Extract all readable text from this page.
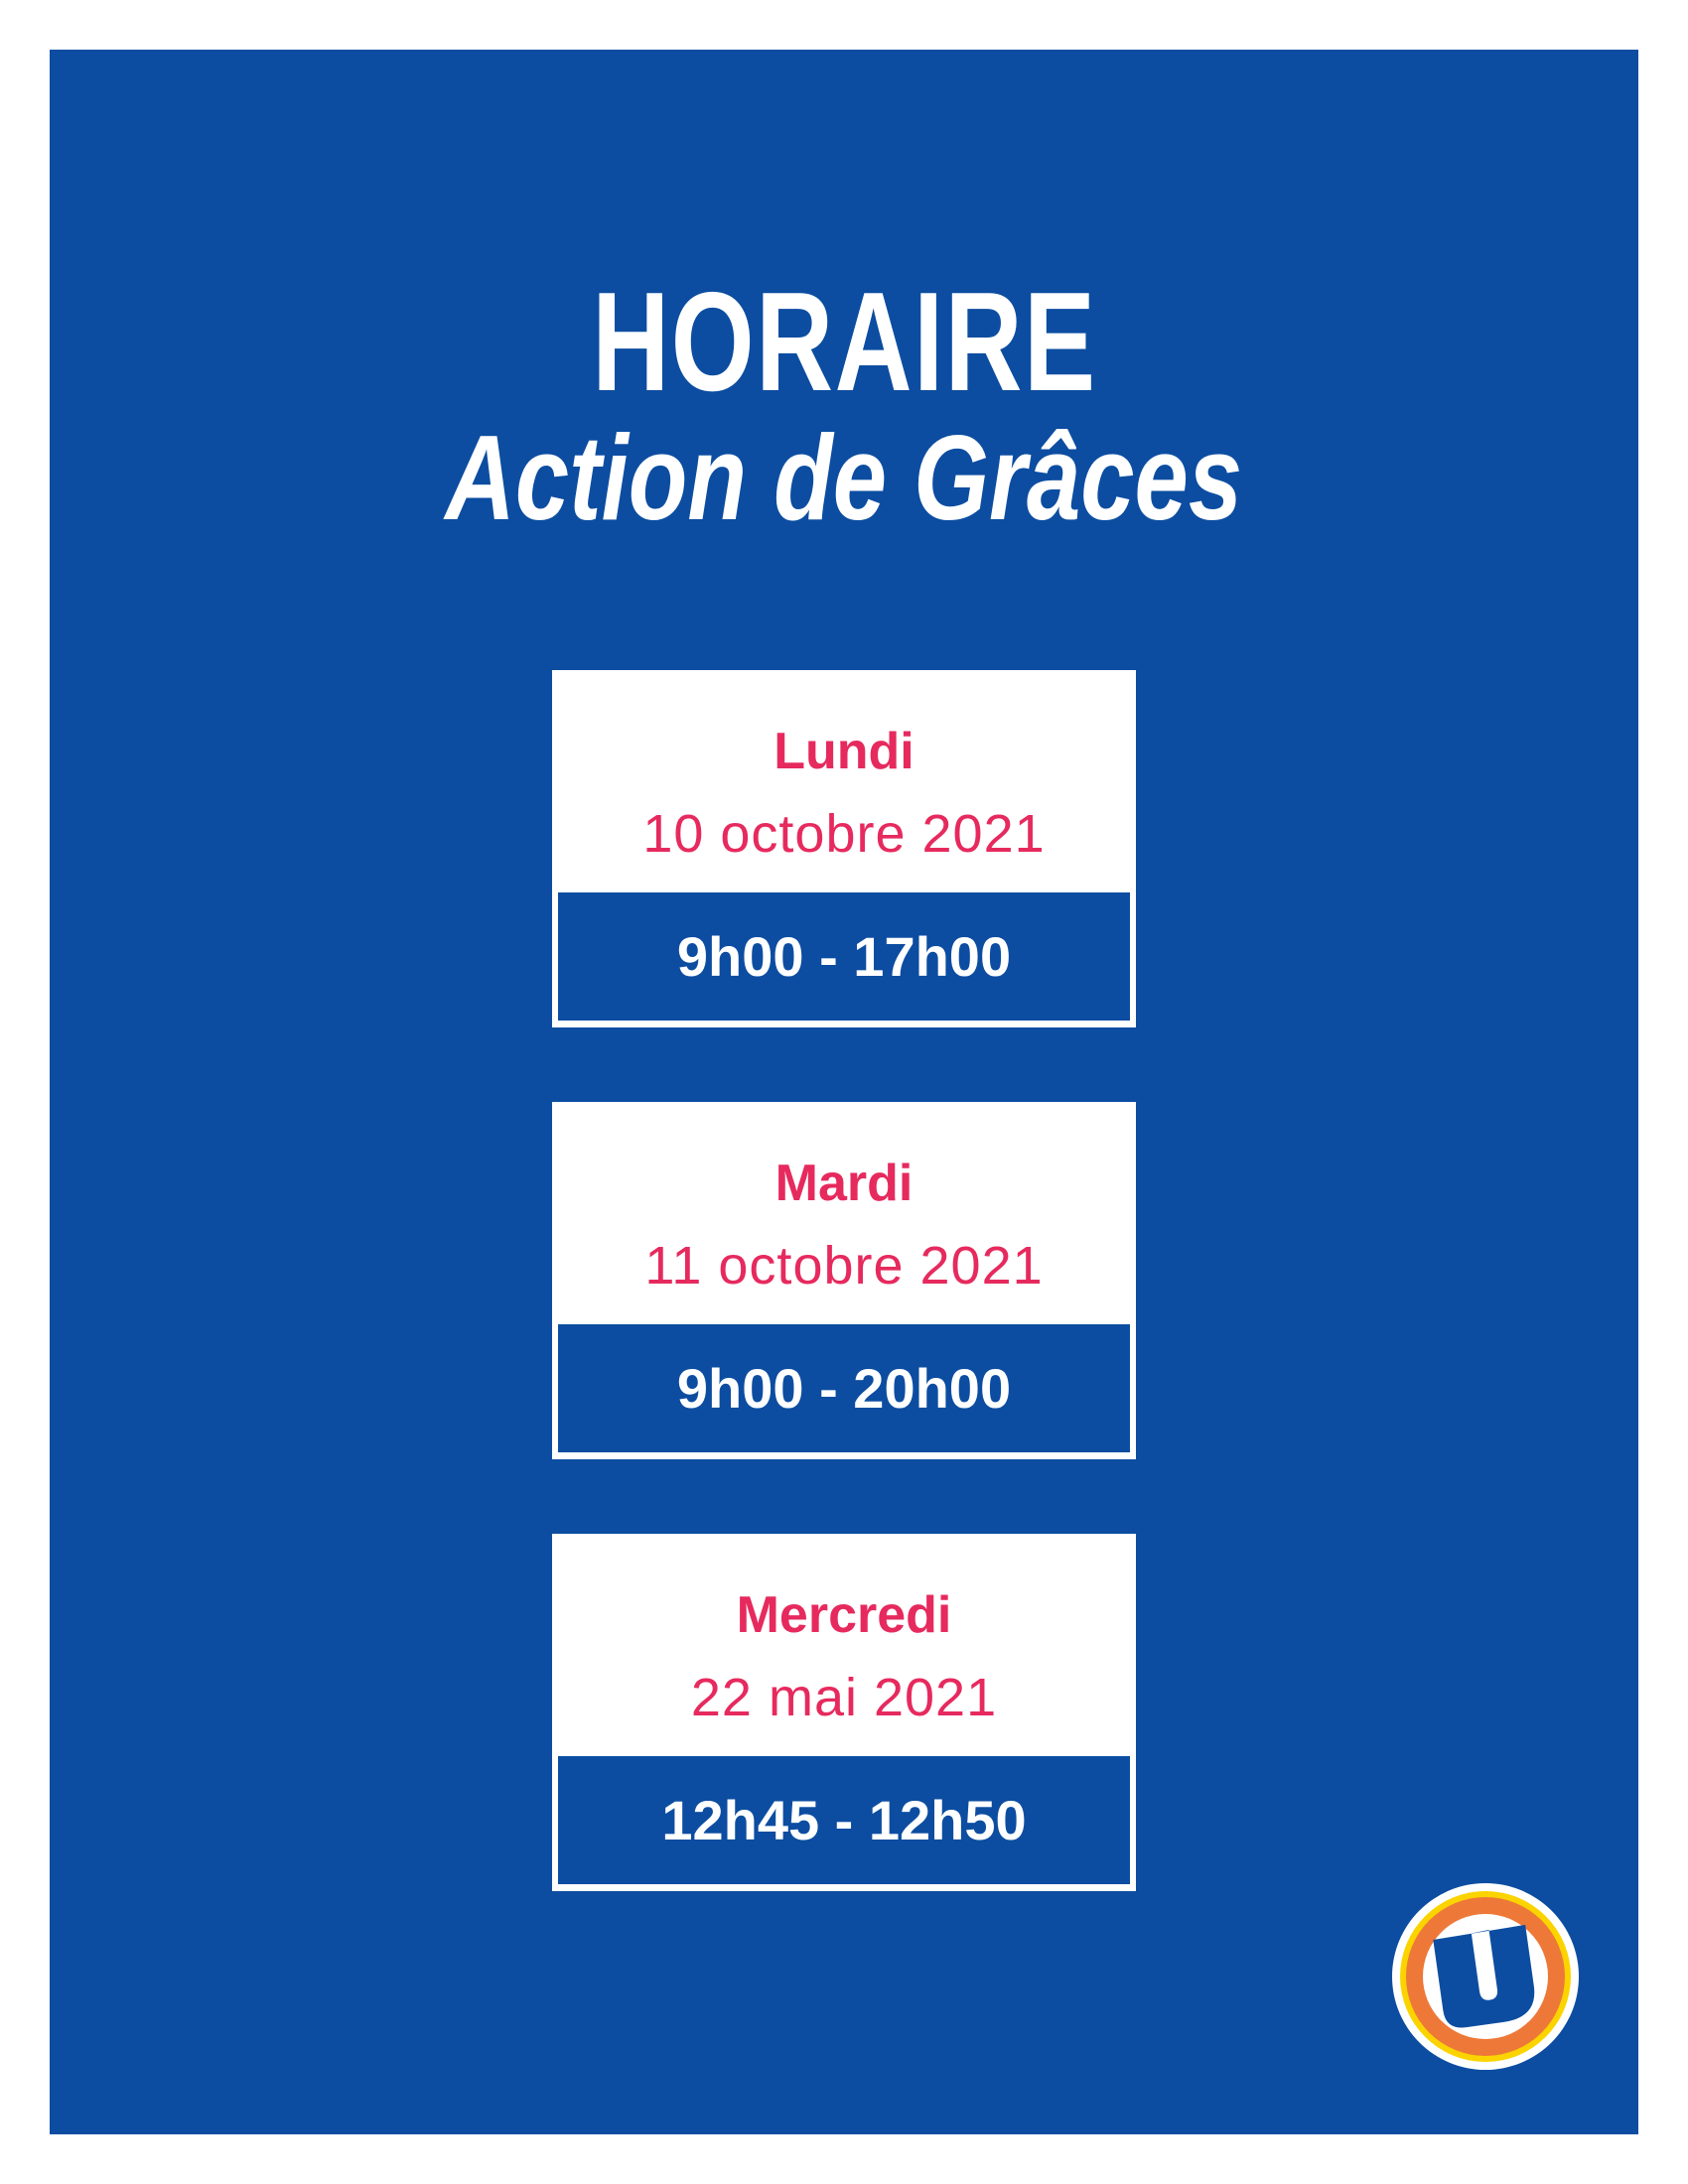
HORAIRE
Action de Grâces
Lundi
10 octobre 2021
9h00 - 17h00
Mardi
11 octobre 2021
9h00 - 20h00
Mercredi
22 mai 2021
12h45 - 12h50
